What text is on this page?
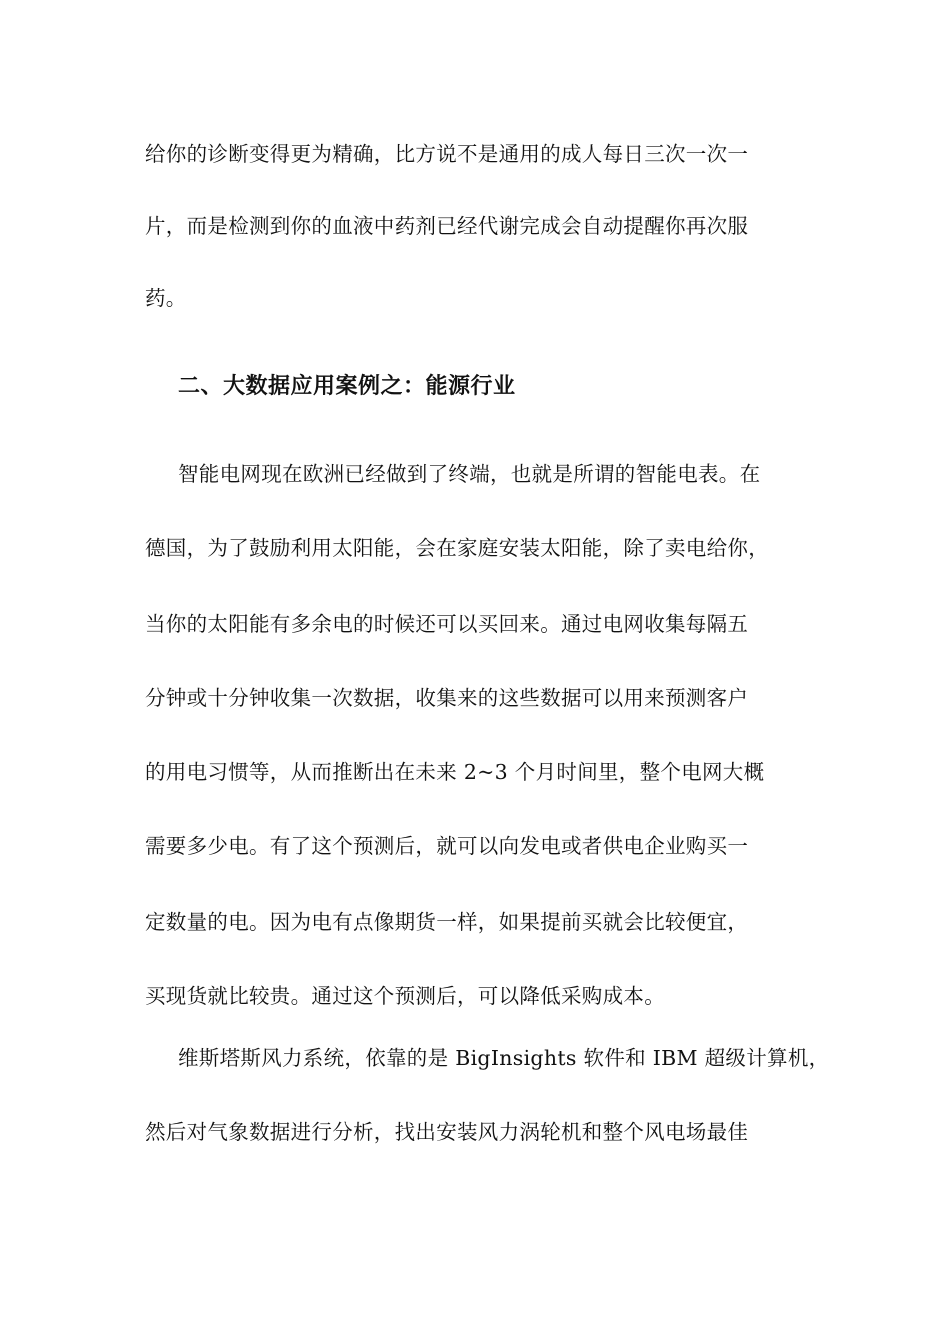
给你的诊断变得更为精确，比方说不是通用的成人每日三次一次一
片，而是检测到你的血液中药剂已经代谢完成会自动提醒你再次服
药。
二、大数据应用案例之：能源行业
智能电网现在欧洲已经做到了终端，也就是所谓的智能电表。在
德国，为了鼓励利用太阳能，会在家庭安装太阳能，除了卖电给你，
当你的太阳能有多余电的时候还可以买回来。通过电网收集每隔五
分钟或十分钟收集一次数据，收集来的这些数据可以用来预测客户
的用电习惯等，从而推断出在未来 2~3 个月时间里，整个电网大概
需要多少电。有了这个预测后，就可以向发电或者供电企业购买一
定数量的电。因为电有点像期货一样，如果提前买就会比较便宜，
买现货就比较贵。通过这个预测后，可以降低采购成本。
维斯塔斯风力系统，依靠的是 BigInsights 软件和 IBM 超级计算机，
然后对气象数据进行分析，找出安装风力涡轮机和整个风电场最佳
